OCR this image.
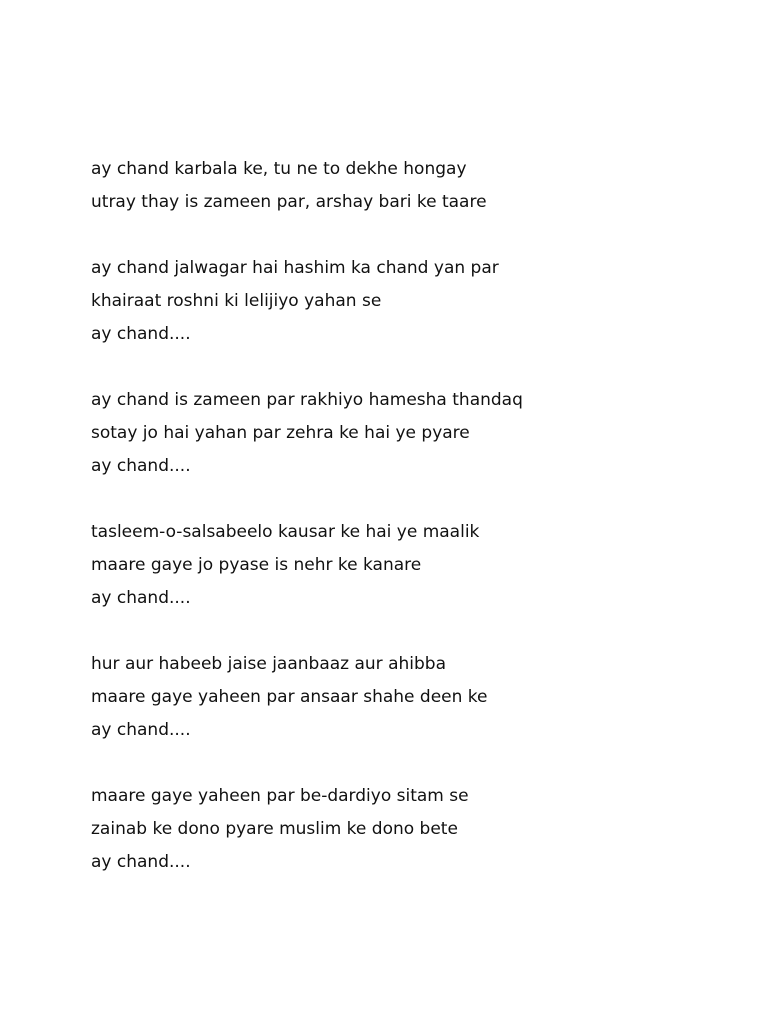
ay chand karbala ke, tu ne to dekhe hongay
utray thay is zameen par, arshay bari ke taare
ay chand jalwagar hai hashim ka chand yan par
khairaat roshni ki lelijiyo yahan se
ay chand....
ay chand is zameen par rakhiyo hamesha thandaq
sotay jo hai yahan par zehra ke hai ye pyare
ay chand....
tasleem-o-salsabeelo kausar ke hai ye maalik
maare gaye jo pyase is nehr ke kanare
ay chand....
hur aur habeeb jaise jaanbaaz aur ahibba
maare gaye yaheen par ansaar shahe deen ke
ay chand....
maare gaye yaheen par be-dardiyo sitam se
zainab ke dono pyare muslim ke dono bete
ay chand....
